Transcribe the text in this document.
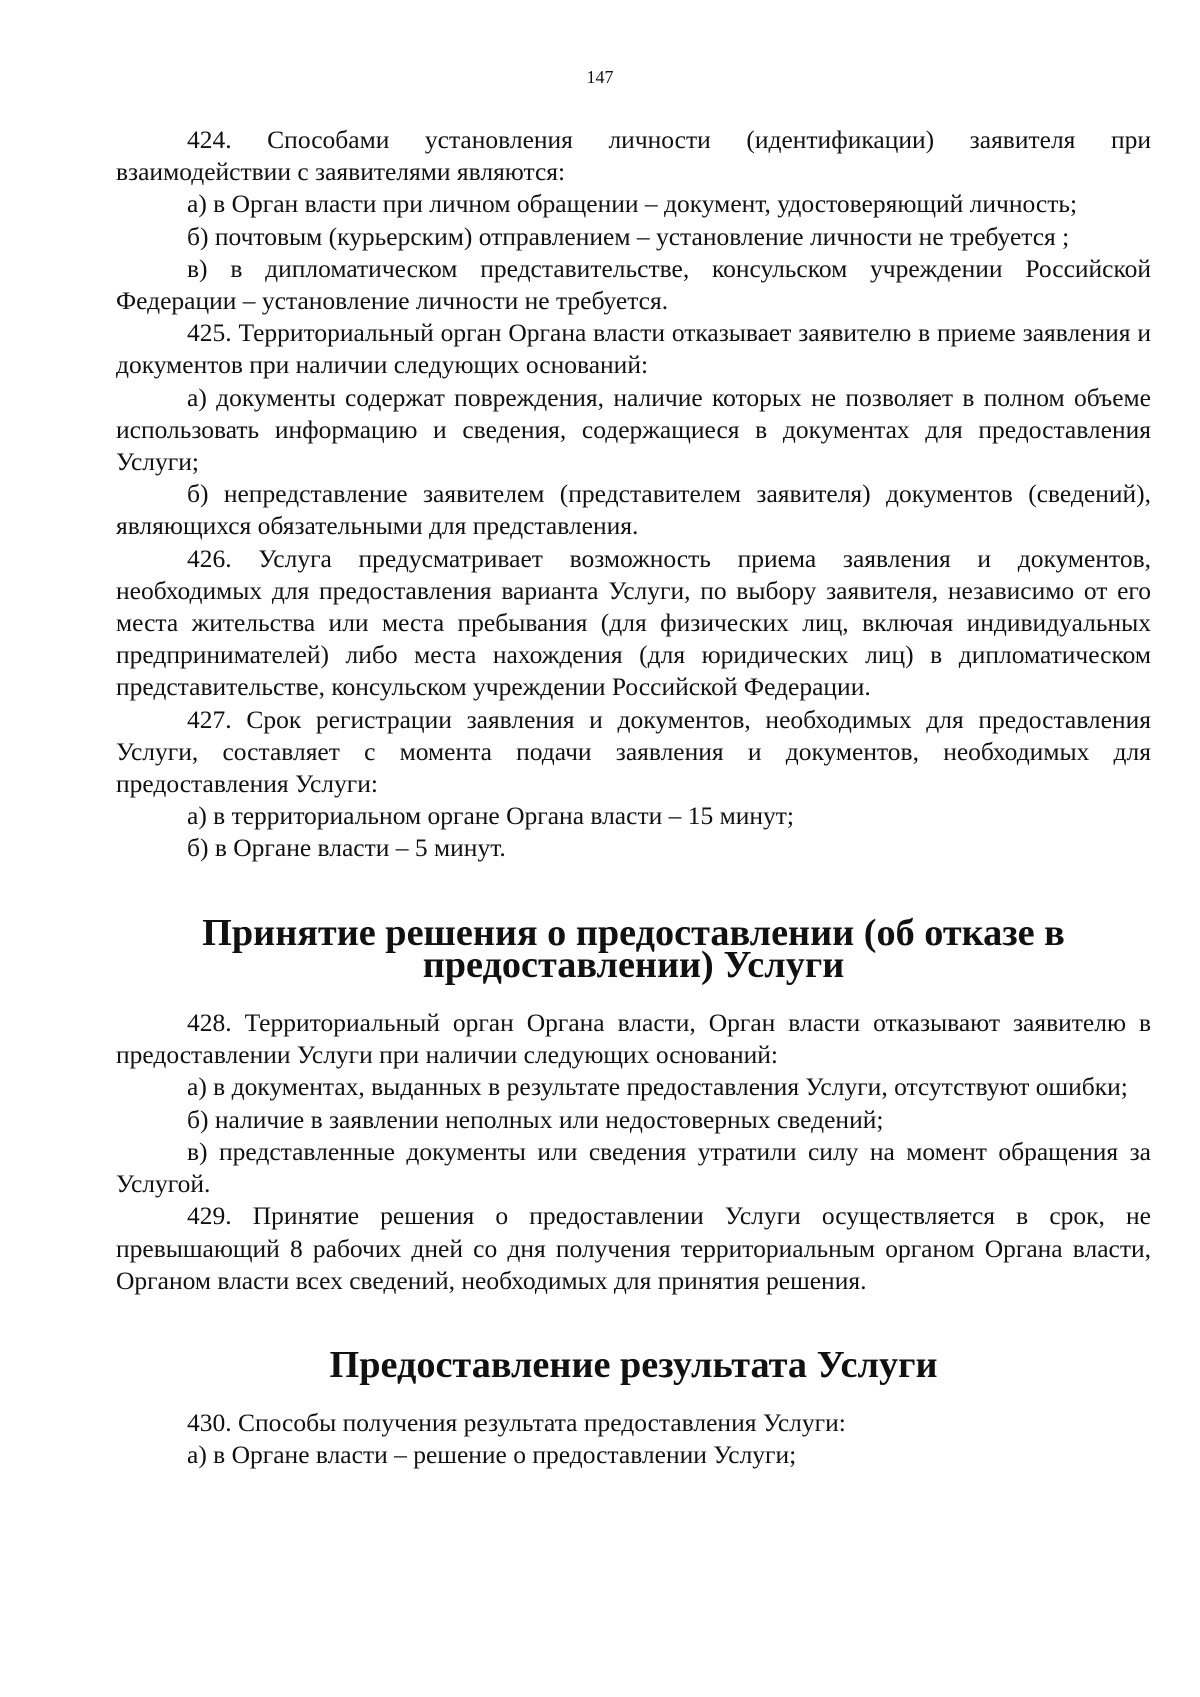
147

424. Способами установления личности (идентификации) заявителя при взаимодействии с заявителями являются:

а) в Орган власти при личном обращении – документ, удостоверяющий личность;

б) почтовым (курьерским) отправлением – установление личности не требуется ;

в) в дипломатическом представительстве, консульском учреждении Российской Федерации – установление личности не требуется.

425. Территориальный орган Органа власти отказывает заявителю в приеме заявления и документов при наличии следующих оснований:

а) документы содержат повреждения, наличие которых не позволяет в полном объеме использовать информацию и сведения, содержащиеся в документах для предоставления Услуги;

б) непредставление заявителем (представителем заявителя) документов (сведений), являющихся обязательными для представления.

426. Услуга предусматривает возможность приема заявления и документов, необходимых для предоставления варианта Услуги, по выбору заявителя, независимо от его места жительства или места пребывания (для физических лиц, включая индивидуальных предпринимателей) либо места нахождения (для юридических лиц) в дипломатическом представительстве, консульском учреждении Российской Федерации.

427. Срок регистрации заявления и документов, необходимых для предоставления Услуги, составляет с момента подачи заявления и документов, необходимых для предоставления Услуги:

а) в территориальном органе Органа власти – 15 минут;

б) в Органе власти – 5 минут.

Принятие решения о предоставлении (об отказе в предоставлении) Услуги

428. Территориальный орган Органа власти, Орган власти отказывают заявителю в предоставлении Услуги при наличии следующих оснований:

а) в документах, выданных в результате предоставления Услуги, отсутствуют ошибки;

б) наличие в заявлении неполных или недостоверных сведений;

в) представленные документы или сведения утратили силу на момент обращения за Услугой.

429. Принятие решения о предоставлении Услуги осуществляется в срок, не превышающий 8 рабочих дней со дня получения территориальным органом Органа власти, Органом власти всех сведений, необходимых для принятия решения.

Предоставление результата Услуги

430. Способы получения результата предоставления Услуги:

а) в Органе власти – решение о предоставлении Услуги;
